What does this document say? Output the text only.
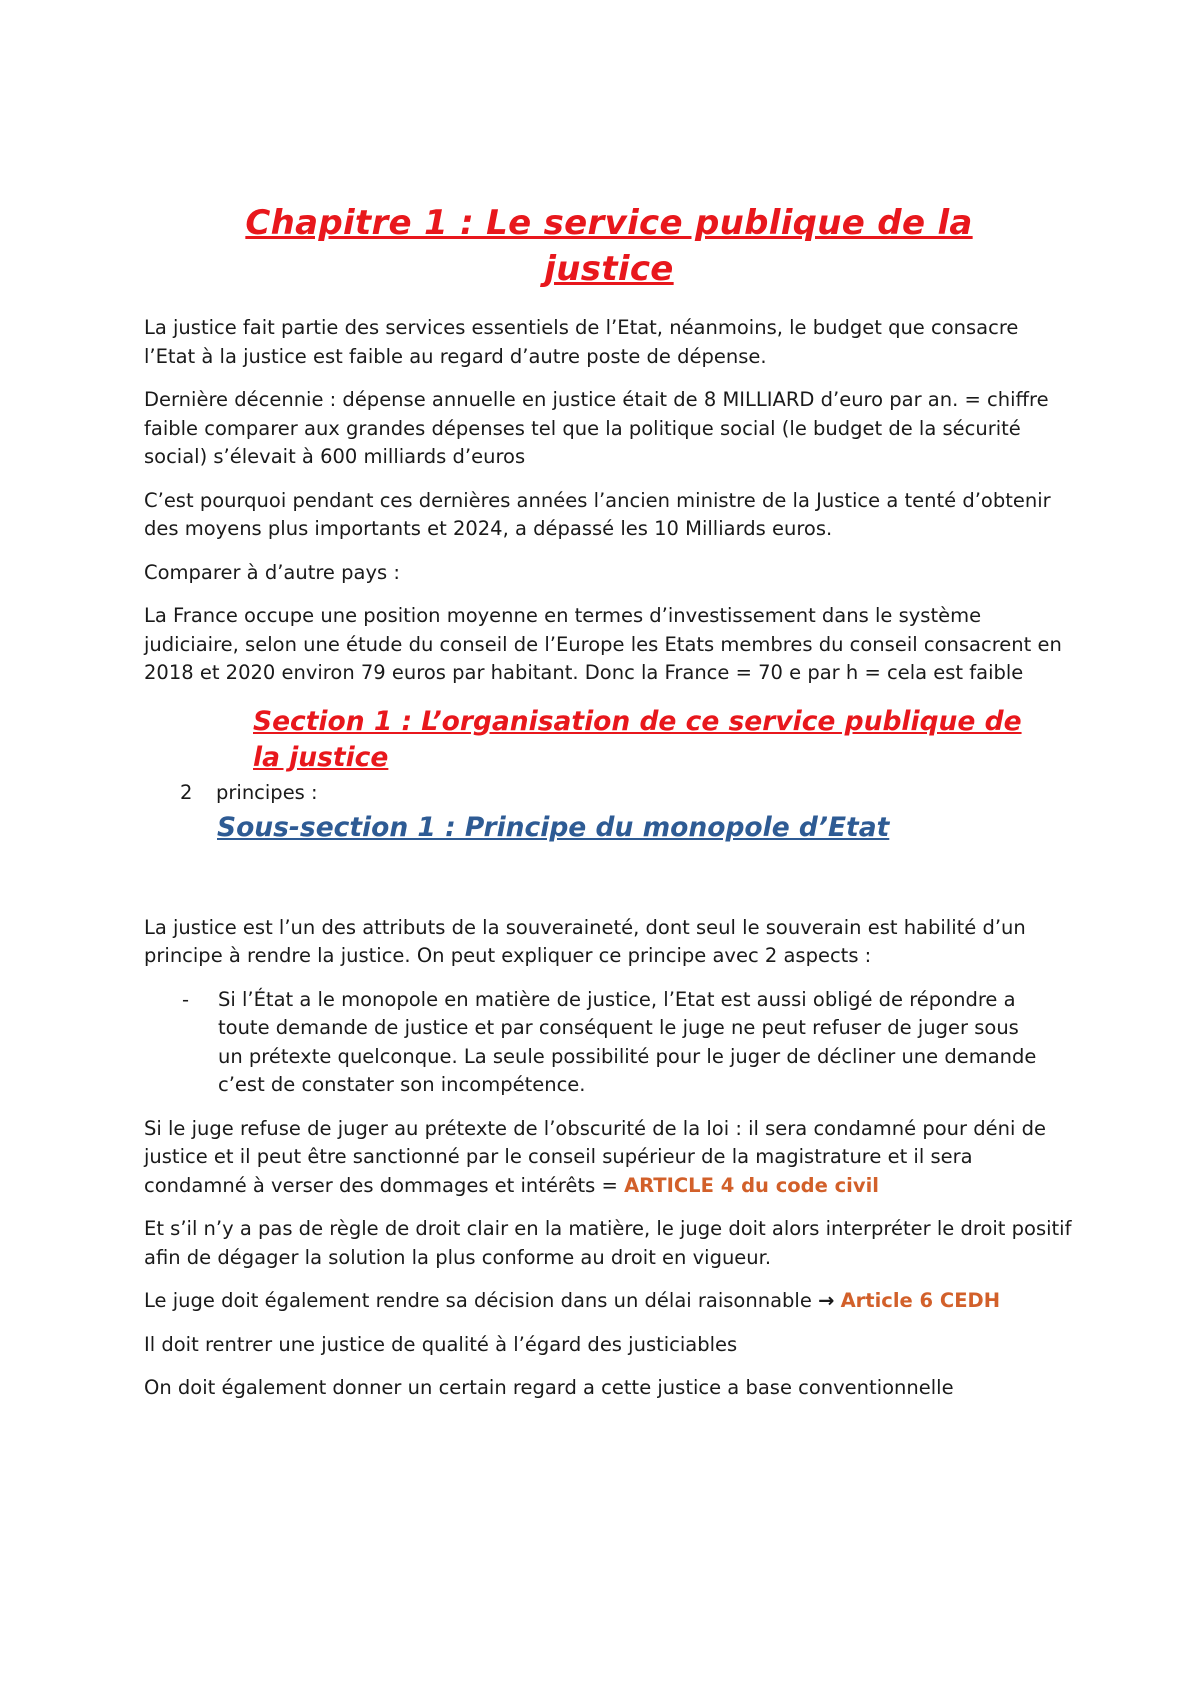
Chapitre 1 : Le service publique de la
justice

La justice fait partie des services essentiels de l’Etat, néanmoins, le budget que consacre l’Etat à la justice est faible au regard d’autre poste de dépense.

Dernière décennie : dépense annuelle en justice était de 8 MILLIARD d’euro par an. = chiffre faible comparer aux grandes dépenses tel que la politique social (le budget de la sécurité social) s’élevait à 600 milliards d’euros

C’est pourquoi pendant ces dernières années l’ancien ministre de la Justice a tenté d’obtenir des moyens plus importants et 2024, a dépassé les 10 Milliards euros.

Comparer à d’autre pays :

La France occupe une position moyenne en termes d’investissement dans le système judiciaire, selon une étude du conseil de l’Europe les Etats membres du conseil consacrent en 2018 et 2020 environ 79 euros par habitant. Donc la France = 70 e par h = cela est faible

Section 1 : L’organisation de ce service publique de la justice
2	principes :
Sous-section 1 : Principe du monopole d’Etat

La justice est l’un des attributs de la souveraineté, dont seul le souverain est habilité d’un principe à rendre la justice. On peut expliquer ce principe avec 2 aspects :

-	Si l’État a le monopole en matière de justice, l’Etat est aussi obligé de répondre a toute demande de justice et par conséquent le juge ne peut refuser de juger sous un prétexte quelconque. La seule possibilité pour le juger de décliner une demande c’est de constater son incompétence.

Si le juge refuse de juger au prétexte de l’obscurité de la loi : il sera condamné pour déni de justice et il peut être sanctionné par le conseil supérieur de la magistrature et il sera condamné à verser des dommages et intérêts = ARTICLE 4 du code civil

Et s’il n’y a pas de règle de droit clair en la matière, le juge doit alors interpréter le droit positif afin de dégager la solution la plus conforme au droit en vigueur.

Le juge doit également rendre sa décision dans un délai raisonnable → Article 6 CEDH

Il doit rentrer une justice de qualité à l’égard des justiciables

On doit également donner un certain regard a cette justice a base conventionnelle
